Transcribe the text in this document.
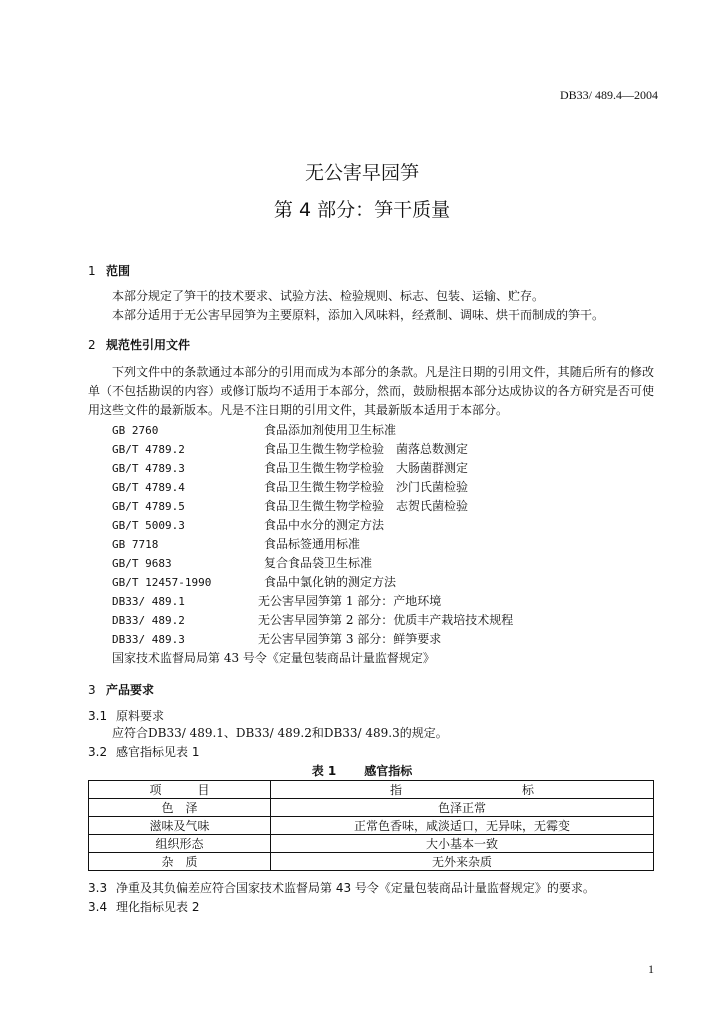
DB33/ 489.4—2004
无公害早园笋
第 4 部分：笋干质量
1 范围
本部分规定了笋干的技术要求、试验方法、检验规则、标志、包装、运输、贮存。
本部分适用于无公害早园笋为主要原料，添加入风味料，经煮制、调味、烘干而制成的笋干。
2 规范性引用文件
下列文件中的条款通过本部分的引用而成为本部分的条款。凡是注日期的引用文件，其随后所有的修改单（不包括勘误的内容）或修订版均不适用于本部分，然而，鼓励根据本部分达成协议的各方研究是否可使用这些文件的最新版本。凡是不注日期的引用文件，其最新版本适用于本部分。
GB 2760	食品添加剂使用卫生标准
GB/T 4789.2	食品卫生微生物学检验　菌落总数测定
GB/T 4789.3	食品卫生微生物学检验　大肠菌群测定
GB/T 4789.4	食品卫生微生物学检验　沙门氏菌检验
GB/T 4789.5	食品卫生微生物学检验　志贺氏菌检验
GB/T 5009.3	食品中水分的测定方法
GB 7718	食品标签通用标准
GB/T 9683	复合食品袋卫生标准
GB/T 12457-1990	食品中氯化钠的测定方法
DB33/ 489.1	无公害早园笋第 1 部分：产地环境
DB33/ 489.2	无公害早园笋第 2 部分：优质丰产栽培技术规程
DB33/ 489.3	无公害早园笋第 3 部分：鲜笋要求
国家技术监督局局第 43 号令《定量包装商品计量监督规定》
3 产品要求
3.1 原料要求
应符合DB33/ 489.1、DB33/ 489.2和DB33/ 489.3的规定。
3.2 感官指标见表 1
表 1 感官指标
项　　　目	指　　　　　　　　　　标
色　泽	色泽正常
滋味及气味	正常色香味，咸淡适口，无异味，无霉变
组织形态	大小基本一致
杂　质	无外来杂质
3.3 净重及其负偏差应符合国家技术监督局第 43 号令《定量包装商品计量监督规定》的要求。
3.4 理化指标见表 2
1
